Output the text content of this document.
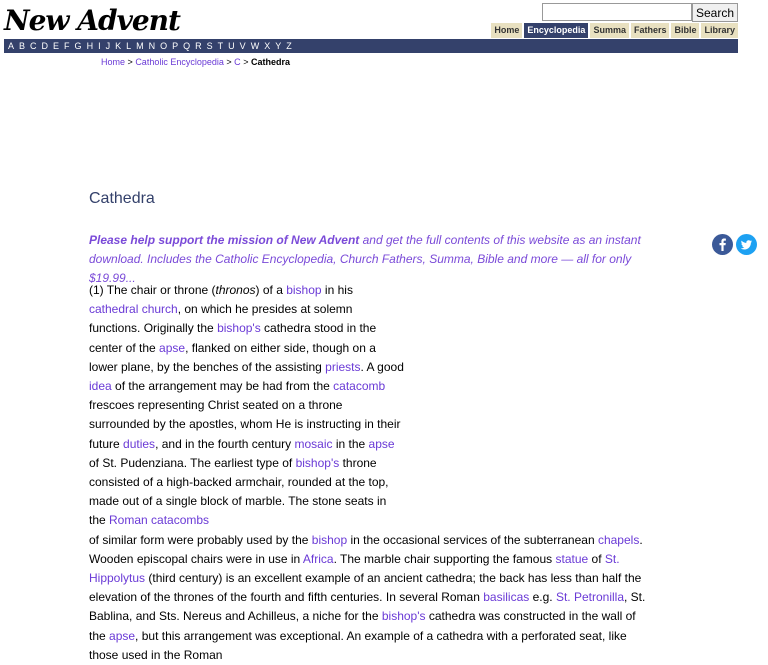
New Advent	Search
Home Encyclopedia Summa Fathers Bible Library
A B C D E F G H I J K L M N O P Q R S T U V W X Y Z
Home > Catholic Encyclopedia > C > Cathedra
Cathedra
Please help support the mission of New Advent and get the full contents of this website as an instant download. Includes the Catholic Encyclopedia, Church Fathers, Summa, Bible and more — all for only $19.99...
(1) The chair or throne (thronos) of a bishop in his cathedral church, on which he presides at solemn functions. Originally the bishop's cathedra stood in the center of the apse, flanked on either side, though on a lower plane, by the benches of the assisting priests. A good idea of the arrangement may be had from the catacomb frescoes representing Christ seated on a throne surrounded by the apostles, whom He is instructing in their future duties, and in the fourth century mosaic in the apse of St. Pudenziana. The earliest type of bishop's throne consisted of a high-backed armchair, rounded at the top, made out of a single block of marble. The stone seats in the Roman catacombs
of similar form were probably used by the bishop in the occasional services of the subterranean chapels. Wooden episcopal chairs were in use in Africa. The marble chair supporting the famous statue of St. Hippolytus (third century) is an excellent example of an ancient cathedra; the back has less than half the elevation of the thrones of the fourth and fifth centuries. In several Roman basilicas e.g. St. Petronilla, St. Bablina, and Sts. Nereus and Achilleus, a niche for the bishop's cathedra was constructed in the wall of the apse, but this arrangement was exceptional. An example of a cathedra with a perforated seat, like those used in the Roman
